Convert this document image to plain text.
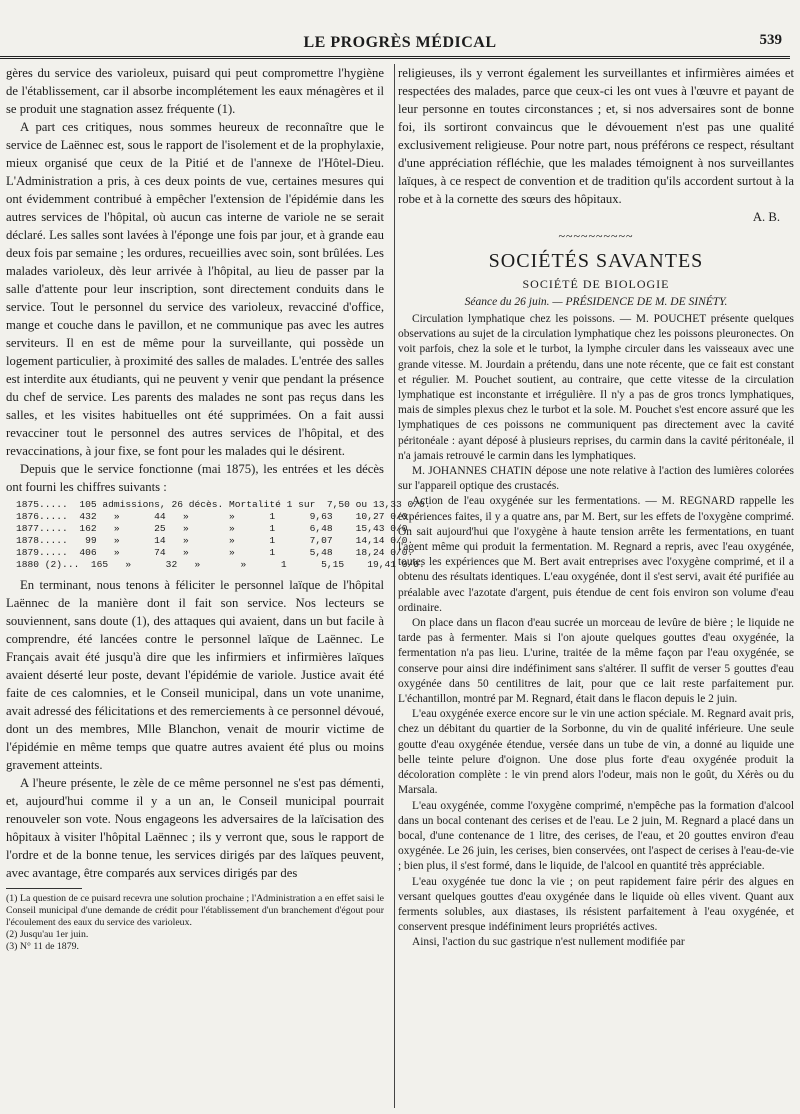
LE PROGRÈS MÉDICAL	539

gères du service des varioleux, puisard qui peut compromettre l'hygiène de l'établissement, car il absorbe incomplétement les eaux ménagères et il se produit une stagnation assez fréquente (1).

A part ces critiques, nous sommes heureux de reconnaître que le service de Laënnec est, sous le rapport de l'isolement et de la prophylaxie, mieux organisé que ceux de la Pitié et de l'annexe de l'Hôtel-Dieu. L'Administration a pris, à ces deux points de vue, certaines mesures qui ont évidemment contribué à empêcher l'extension de l'épidémie dans les autres services de l'hôpital, où aucun cas interne de variole ne se serait déclaré. Les salles sont lavées à l'éponge une fois par jour, et à grande eau deux fois par semaine ; les ordures, recueillies avec soin, sont brûlées. Les malades varioleux, dès leur arrivée à l'hôpital, au lieu de passer par la salle d'attente pour leur inscription, sont directement conduits dans le service. Tout le personnel du service des varioleux, revacciné d'office, mange et couche dans le pavillon, et ne communique pas avec les autres serviteurs. Il en est de même pour la surveillante, qui possède un logement particulier, à proximité des salles de malades. L'entrée des salles est interdite aux étudiants, qui ne peuvent y venir que pendant la présence du chef de service. Les parents des malades ne sont pas reçus dans les salles, et les visites habituelles ont été supprimées. On a fait aussi revacciner tout le personnel des autres services de l'hôpital, et des revaccinations, à jour fixe, se font pour les malades qui le désirent.

Depuis que le service fonctionne (mai 1875), les entrées et les décès ont fourni les chiffres suivants :

1875.....  105 admissions, 26 décès. Mortalité 1 sur  7,50 ou 13,33 0/0.
1876.....  432   »      44   »       »      1      9,63    10,27 0/0.
1877.....  162   »      25   »       »      1      6,48    15,43 0/0.
1878.....   99   »      14   »       »      1      7,07    14,14 0/0.
1879.....  406   »      74   »       »      1      5,48    18,24 0/0.
1880 (2)...  165   »      32   »       »      1      5,15    19,41 0/0.

En terminant, nous tenons à féliciter le personnel laïque de l'hôpital Laënnec de la manière dont il fait son service. Nos lecteurs se souviennent, sans doute (1), des attaques qui avaient, dans un but facile à comprendre, été lancées contre le personnel laïque de Laënnec. Le Français avait été jusqu'à dire que les infirmiers et infirmières laïques avaient déserté leur poste, devant l'épidémie de variole. Justice avait été faite de ces calomnies, et le Conseil municipal, dans un vote unanime, avait adressé des félicitations et des remerciements à ce personnel dévoué, dont un des membres, Mlle Blanchon, venait de mourir victime de l'épidémie en même temps que quatre autres avaient été plus ou moins gravement atteints.

A l'heure présente, le zèle de ce même personnel ne s'est pas démenti, et, aujourd'hui comme il y a un an, le Conseil municipal pourrait renouveler son vote. Nous engageons les adversaires de la laïcisation des hôpitaux à visiter l'hôpital Laënnec ; ils y verront que, sous le rapport de l'ordre et de la bonne tenue, les services dirigés par des laïques peuvent, avec avantage, être comparés aux services dirigés par des

(1) La question de ce puisard recevra une solution prochaine ; l'Administration a en effet saisi le Conseil municipal d'une demande de crédit pour l'établissement d'un branchement d'égout pour l'écoulement des eaux du service des varioleux.

(2) Jusqu'au 1er juin.

(3) N° 11 de 1879.

religieuses, ils y verront également les surveillantes et infirmières aimées et respectées des malades, parce que ceux-ci les ont vues à l'œuvre et payant de leur personne en toutes circonstances ; et, si nos adversaires sont de bonne foi, ils sortiront convaincus que le dévouement n'est pas une qualité exclusivement religieuse. Pour notre part, nous préférons ce respect, résultant d'une appréciation réfléchie, que les malades témoignent à nos surveillantes laïques, à ce respect de convention et de tradition qu'ils accordent surtout à la robe et à la cornette des sœurs des hôpitaux.

A. B.
~~~~~~~~~~
SOCIÉTÉS SAVANTES
SOCIÉTÉ DE BIOLOGIE
Séance du 26 juin. — PRÉSIDENCE DE M. DE SINÉTY.

Circulation lymphatique chez les poissons. — M. POUCHET présente quelques observations au sujet de la circulation lymphatique chez les poissons pleuronectes. On voit parfois, chez la sole et le turbot, la lymphe circuler dans les vaisseaux avec une grande vitesse. M. Jourdain a prétendu, dans une note récente, que ce fait est constant et régulier. M. Pouchet soutient, au contraire, que cette vitesse de la circulation lymphatique est inconstante et irrégulière. Il n'y a pas de gros troncs lymphatiques, mais de simples plexus chez le turbot et la sole. M. Pouchet s'est encore assuré que les lymphatiques de ces poissons ne communiquent pas directement avec la cavité péritonéale : ayant déposé à plusieurs reprises, du carmin dans la cavité péritonéale, il n'a jamais retrouvé le carmin dans les lymphatiques.

M. JOHANNES CHATIN dépose une note relative à l'action des lumières colorées sur l'appareil optique des crustacés.

Action de l'eau oxygénée sur les fermentations. — M. REGNARD rappelle les expériences faites, il y a quatre ans, par M. Bert, sur les effets de l'oxygène comprimé. On sait aujourd'hui que l'oxygène à haute tension arrête les fermentations, en tuant l'agent même qui produit la fermentation. M. Regnard a repris, avec l'eau oxygénée, toutes les expériences que M. Bert avait entreprises avec l'oxygène comprimé, et il a obtenu des résultats identiques. L'eau oxygénée, dont il s'est servi, avait été purifiée au préalable avec l'azotate d'argent, puis étendue de cent fois environ son volume d'eau ordinaire.

On place dans un flacon d'eau sucrée un morceau de levûre de bière ; le liquide ne tarde pas à fermenter. Mais si l'on ajoute quelques gouttes d'eau oxygénée, la fermentation n'a pas lieu. L'urine, traitée de la même façon par l'eau oxygénée, se conserve pour ainsi dire indéfiniment sans s'altérer. Il suffit de verser 5 gouttes d'eau oxygénée dans 50 centilitres de lait, pour que ce lait reste parfaitement pur. L'échantillon, montré par M. Regnard, était dans le flacon depuis le 2 juin.

L'eau oxygénée exerce encore sur le vin une action spéciale. M. Regnard avait pris, chez un débitant du quartier de la Sorbonne, du vin de qualité inférieure. Une seule goutte d'eau oxygénée étendue, versée dans un tube de vin, a donné au liquide une belle teinte pelure d'oignon. Une dose plus forte d'eau oxygénée produit la décoloration complète : le vin prend alors l'odeur, mais non le goût, du Xérès ou du Marsala.

L'eau oxygénée, comme l'oxygène comprimé, n'empêche pas la formation d'alcool dans un bocal contenant des cerises et de l'eau. Le 2 juin, M. Regnard a placé dans un bocal, d'une contenance de 1 litre, des cerises, de l'eau, et 20 gouttes environ d'eau oxygénée. Le 26 juin, les cerises, bien conservées, ont l'aspect de cerises à l'eau-de-vie ; bien plus, il s'est formé, dans le liquide, de l'alcool en quantité très appréciable.

L'eau oxygénée tue donc la vie ; on peut rapidement faire périr des algues en versant quelques gouttes d'eau oxygénée dans le liquide où elles vivent. Quant aux ferments solubles, aux diastases, ils résistent parfaitement à l'eau oxygénée, et conservent presque indéfiniment leurs propriétés actives.

Ainsi, l'action du suc gastrique n'est nullement modifiée par
